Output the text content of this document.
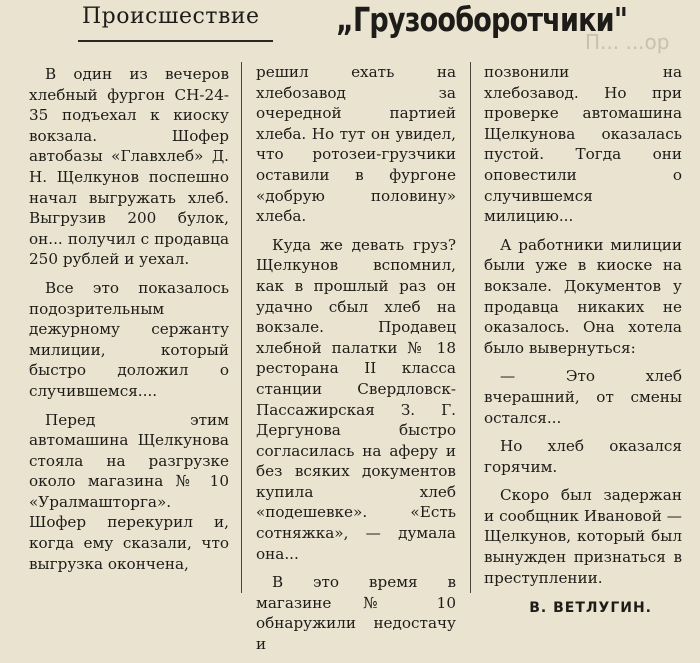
Происшествие „Грузооборотчики"
П... ...ор

В один из вечеров хлебный фургон СН-24-35 подъехал к киоску вокзала. Шофер автобазы «Главхлеб» Д. Н. Щелкунов поспешно начал выгружать хлеб. Выгрузив 200 булок, он... получил с продавца 250 рублей и уехал.

Все это показалось подозрительным дежурному сержанту милиции, который быстро доложил о случившемся....

Перед этим автомашина Щелкунова стояла на разгрузке около магазина № 10 «Уралмашторга». Шофер перекурил и, когда ему сказали, что выгрузка окончена,

решил ехать на хлебозавод за очередной партией хлеба. Но тут он увидел, что ротозеи-грузчики оставили в фургоне «добрую половину» хлеба.

Куда же девать груз? Щелкунов вспомнил, как в прошлый раз он удачно сбыл хлеб на вокзале. Продавец хлебной палатки № 18 ресторана II класса станции Свердловск-Пассажирская З. Г. Дергунова быстро согласилась на аферу и без всяких документов купила хлеб «подешевке». «Есть сотняжка», — думала она...

В это время в магазине № 10 обнаружили недостачу и

позвонили на хлебозавод. Но при проверке автомашина Щелкунова оказалась пустой. Тогда они оповестили о случившемся милицию...

А работники милиции были уже в киоске на вокзале. Документов у продавца никаких не оказалось. Она хотела было вывернуться:

— Это хлеб вчерашний, от смены остался...

Но хлеб оказался горячим.

Скоро был задержан и сообщник Ивановой — Щелкунов, который был вынужден признаться в преступлении.

В. ВЕТЛУГИН.
